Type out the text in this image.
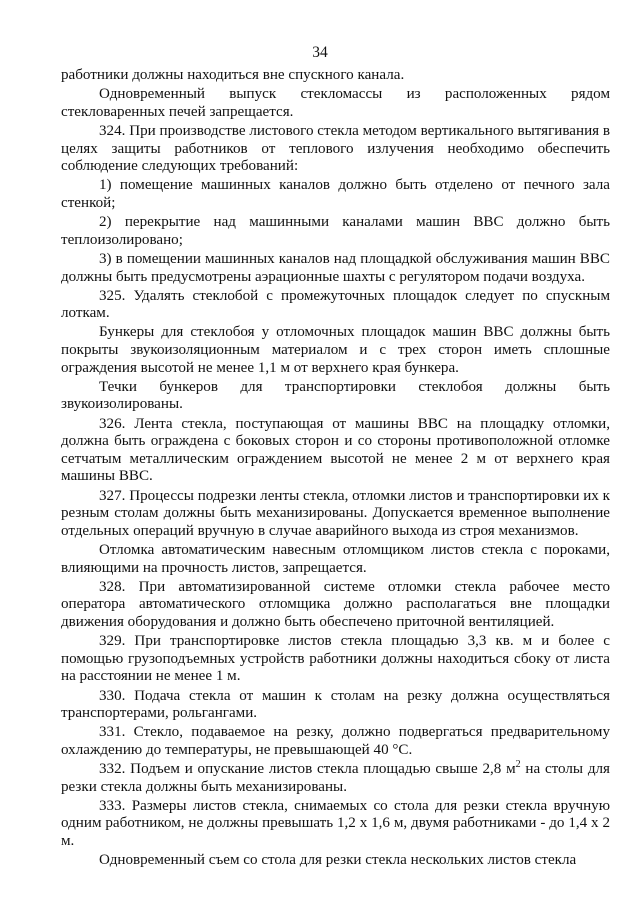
34

работники должны находиться вне спускного канала.

Одновременный выпуск стекломассы из расположенных рядом стекловаренных печей запрещается.

324. При производстве листового стекла методом вертикального вытягивания в целях защиты работников от теплового излучения необходимо обеспечить соблюдение следующих требований:

1) помещение машинных каналов должно быть отделено от печного зала стенкой;

2) перекрытие над машинными каналами машин ВВС должно быть теплоизолировано;

3) в помещении машинных каналов над площадкой обслуживания машин ВВС должны быть предусмотрены аэрационные шахты с регулятором подачи воздуха.

325. Удалять стеклобой с промежуточных площадок следует по спускным лоткам.

Бункеры для стеклобоя у отломочных площадок машин ВВС должны быть покрыты звукоизоляционным материалом и с трех сторон иметь сплошные ограждения высотой не менее 1,1 м от верхнего края бункера.

Течки бункеров для транспортировки стеклобоя должны быть звукоизолированы.

326. Лента стекла, поступающая от машины ВВС на площадку отломки, должна быть ограждена с боковых сторон и со стороны противоположной отломке сетчатым металлическим ограждением высотой не менее 2 м от верхнего края машины ВВС.

327. Процессы подрезки ленты стекла, отломки листов и транспортировки их к резным столам должны быть механизированы. Допускается временное выполнение отдельных операций вручную в случае аварийного выхода из строя механизмов.

Отломка автоматическим навесным отломщиком листов стекла с пороками, влияющими на прочность листов, запрещается.

328. При автоматизированной системе отломки стекла рабочее место оператора автоматического отломщика должно располагаться вне площадки движения оборудования и должно быть обеспечено приточной вентиляцией.

329. При транспортировке листов стекла площадью 3,3 кв. м и более с помощью грузоподъемных устройств работники должны находиться сбоку от листа на расстоянии не менее 1 м.

330. Подача стекла от машин к столам на резку должна осуществляться транспортерами, рольгангами.

331. Стекло, подаваемое на резку, должно подвергаться предварительному охлаждению до температуры, не превышающей 40 °С.

332. Подъем и опускание листов стекла площадью свыше 2,8 $м^2$ на столы для резки стекла должны быть механизированы.

333. Размеры листов стекла, снимаемых со стола для резки стекла вручную одним работником, не должны превышать 1,2 х 1,6 м, двумя работниками - до 1,4 х 2 м.

Одновременный съем со стола для резки стекла нескольких листов стекла
